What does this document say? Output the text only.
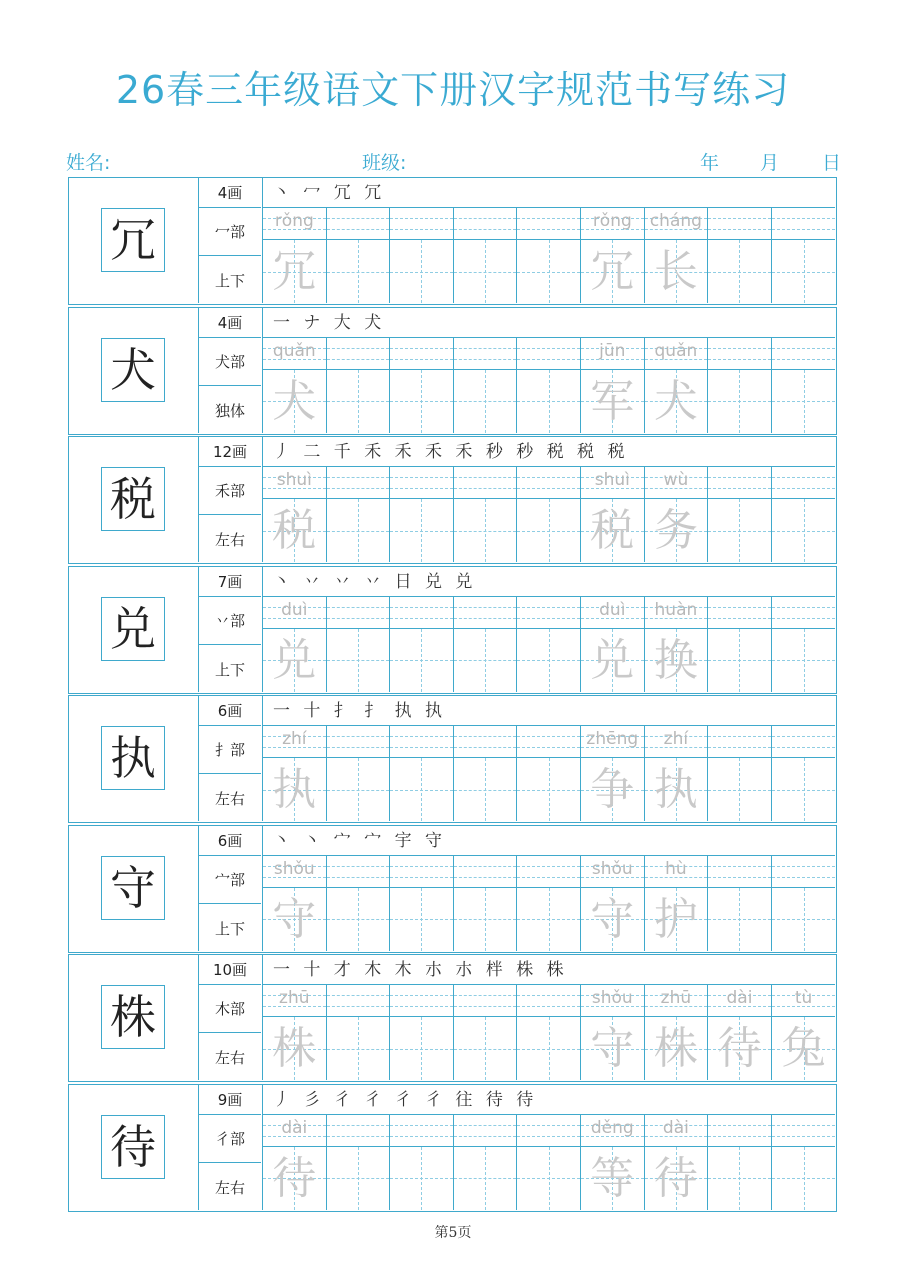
26春三年级语文下册汉字规范书写练习
姓名:	班级:	年 月 日
冗
4画
冖部
上下
丶 冖 冗 冗
rǒng
冗
rǒng
冗
cháng
长
犬
4画
犬部
独体
一 ナ 大 犬
quǎn
犬
jūn
军
quǎn
犬
税
12画
禾部
左右
丿 二 千 禾 禾 禾 禾 秒 秒 税 税 税
shuì
税
shuì
税
wù
务
兑
7画
丷部
上下
丶 丷 丷 丷 日 兑 兑
duì
兑
duì
兑
huàn
换
执
6画
扌部
左右
一 十 扌 扌 执 执
zhí
执
zhēng
争
zhí
执
守
6画
宀部
上下
丶 丶 宀 宀 宇 守
shǒu
守
shǒu
守
hù
护
株
10画
木部
左右
一 十 才 木 木 朩 朩 柈 株 株
zhū
株
shǒu
守
zhū
株
dài
待
tù
兔
待
9画
彳部
左右
丿 彡 彳 彳 彳 彳 往 待 待
dài
待
děng
等
dài
待
第5页
